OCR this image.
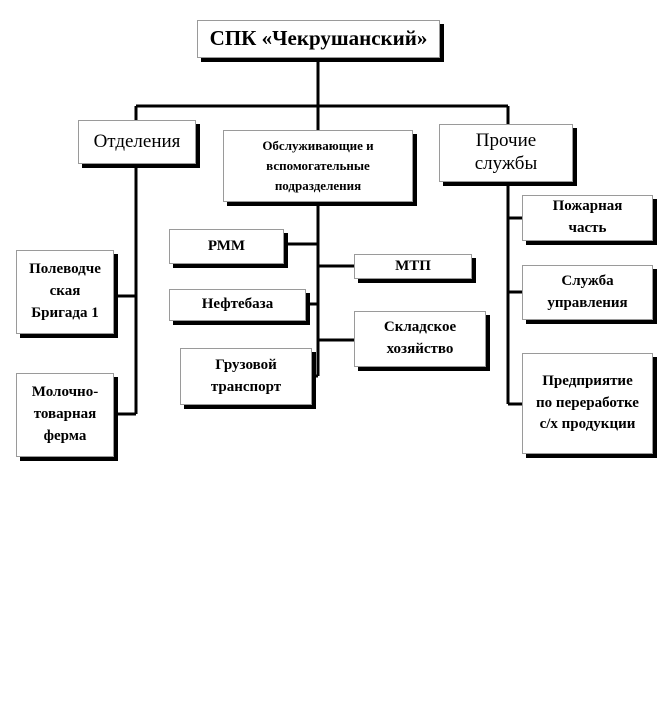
СПК «Чекрушанский»
Отделения	Обслуживающие и
вспомогательные
подразделения
Прочие
службы
Полеводче
ская
Бригада 1
Молочно-
товарная
ферма
РММ
МТП
Нефтебаза
Складское
хозяйство
Грузовой
транспорт
Пожарная
часть
Служба
управления
Предприятие
по переработке
с/х продукции
